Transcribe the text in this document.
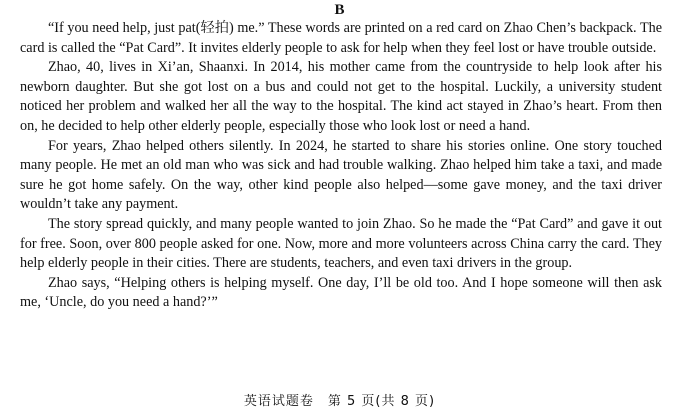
B

“If you need help, just pat(轻拍) me.” These words are printed on a red card on Zhao Chen’s backpack. The card is called the “Pat Card”. It invites elderly people to ask for help when they feel lost or have trouble outside.

Zhao, 40, lives in Xi’an, Shaanxi. In 2014, his mother came from the countryside to help look after his newborn daughter. But she got lost on a bus and could not get to the hospital. Luckily, a university student noticed her problem and walked her all the way to the hospital. The kind act stayed in Zhao’s heart. From then on, he decided to help other elderly people, especially those who look lost or need a hand.

For years, Zhao helped others silently. In 2024, he started to share his stories online. One story touched many people. He met an old man who was sick and had trouble walking. Zhao helped him take a taxi, and made sure he got home safely. On the way, other kind people also helped—some gave money, and the taxi driver wouldn’t take any payment.

The story spread quickly, and many people wanted to join Zhao. So he made the “Pat Card” and gave it out for free. Soon, over 800 people asked for one. Now, more and more volunteers across China carry the card. They help elderly people in their cities. There are students, teachers, and even taxi drivers in the group.

Zhao says, “Helping others is helping myself. One day, I’ll be old too. And I hope someone will then ask me, ‘Uncle, do you need a hand?’”

英语试题卷　第 5 页(共 8 页)
